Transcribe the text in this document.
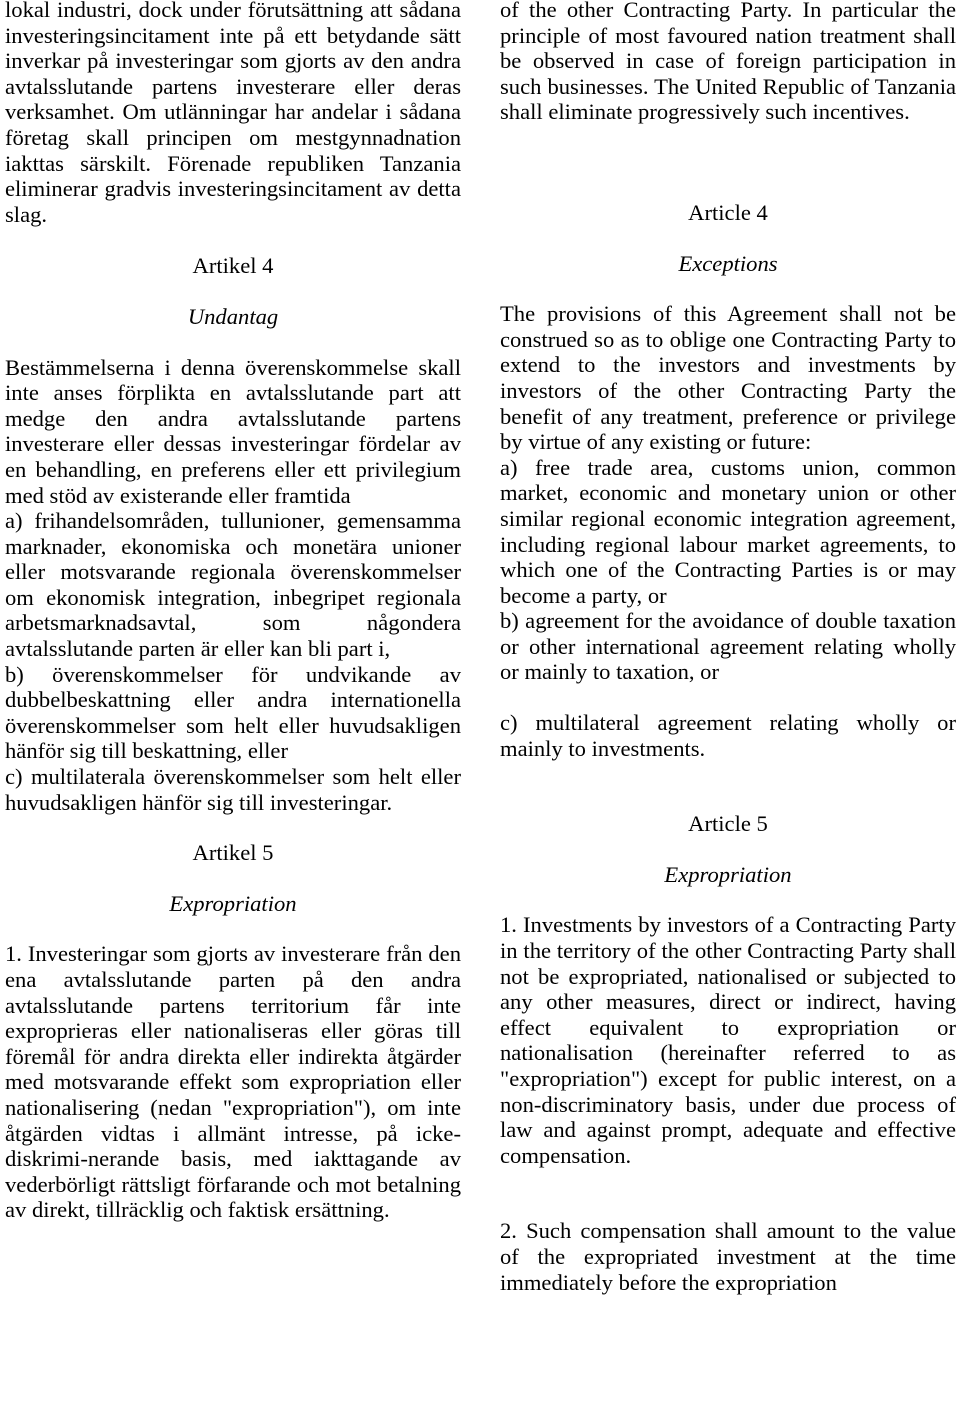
lokal industri, dock under förutsättning att sådana investeringsincitament inte på ett betydande sätt inverkar på investeringar som gjorts av den andra avtalsslutande partens investerare eller deras verksamhet. Om utlänningar har andelar i sådana företag skall principen om mestgynnadnation iakttas särskilt. Förenade republiken Tanzania eliminerar gradvis investeringsincitament av detta slag.

Artikel 4

Undantag

Bestämmelserna i denna överenskommelse skall inte anses förplikta en avtalsslutande part att medge den andra avtalsslutande partens investerare eller dessas investeringar fördelar av en behandling, en preferens eller ett privilegium med stöd av existerande eller framtida

a) frihandelsområden, tullunioner, gemensamma marknader, ekonomiska och monetära unioner eller motsvarande regionala överenskommelser om ekonomisk integration, inbegripet regionala arbetsmarknadsavtal, som någondera avtalsslutande parten är eller kan bli part i,

b) överenskommelser för undvikande av dubbelbeskattning eller andra internationella överenskommelser som helt eller huvudsakligen hänför sig till beskattning, eller

c) multilaterala överenskommelser som helt eller huvudsakligen hänför sig till investeringar.

Artikel 5

Expropriation

1. Investeringar som gjorts av investerare från den ena avtalsslutande parten på den andra avtalsslutande partens territorium får inte exproprieras eller nationaliseras eller göras till föremål för andra direkta eller indirekta åtgärder med motsvarande effekt som expropriation eller nationalisering (nedan "expropriation"), om inte åtgärden vidtas i allmänt intresse, på icke-diskrimi-nerande basis, med iakttagande av vederbörligt rättsligt förfarande och mot betalning av direkt, tillräcklig och faktisk ersättning.

of the other Contracting Party. In particular the principle of most favoured nation treatment shall be observed in case of foreign participation in such businesses. The United Republic of Tanzania shall eliminate progressively such incentives.

Article 4

Exceptions

The provisions of this Agreement shall not be construed so as to oblige one Contracting Party to extend to the investors and investments by investors of the other Contracting Party the benefit of any treatment, preference or privilege by virtue of any existing or future:

a) free trade area, customs union, common market, economic and monetary union or other similar regional economic integration agreement, including regional labour market agreements, to which one of the Contracting Parties is or may become a party, or

b) agreement for the avoidance of double taxation or other international agreement relating wholly or mainly to taxation, or

c) multilateral agreement relating wholly or mainly to investments.

Article 5

Expropriation

1. Investments by investors of a Contracting Party in the territory of the other Contracting Party shall not be expropriated, nationalised or subjected to any other measures, direct or indirect, having effect equivalent to expropriation or nationalisation (hereinafter referred to as "expropriation") except for public interest, on a non-discriminatory basis, under due process of law and against prompt, adequate and effective compensation.

2. Such compensation shall amount to the value of the expropriated investment at the time immediately before the expropriation
